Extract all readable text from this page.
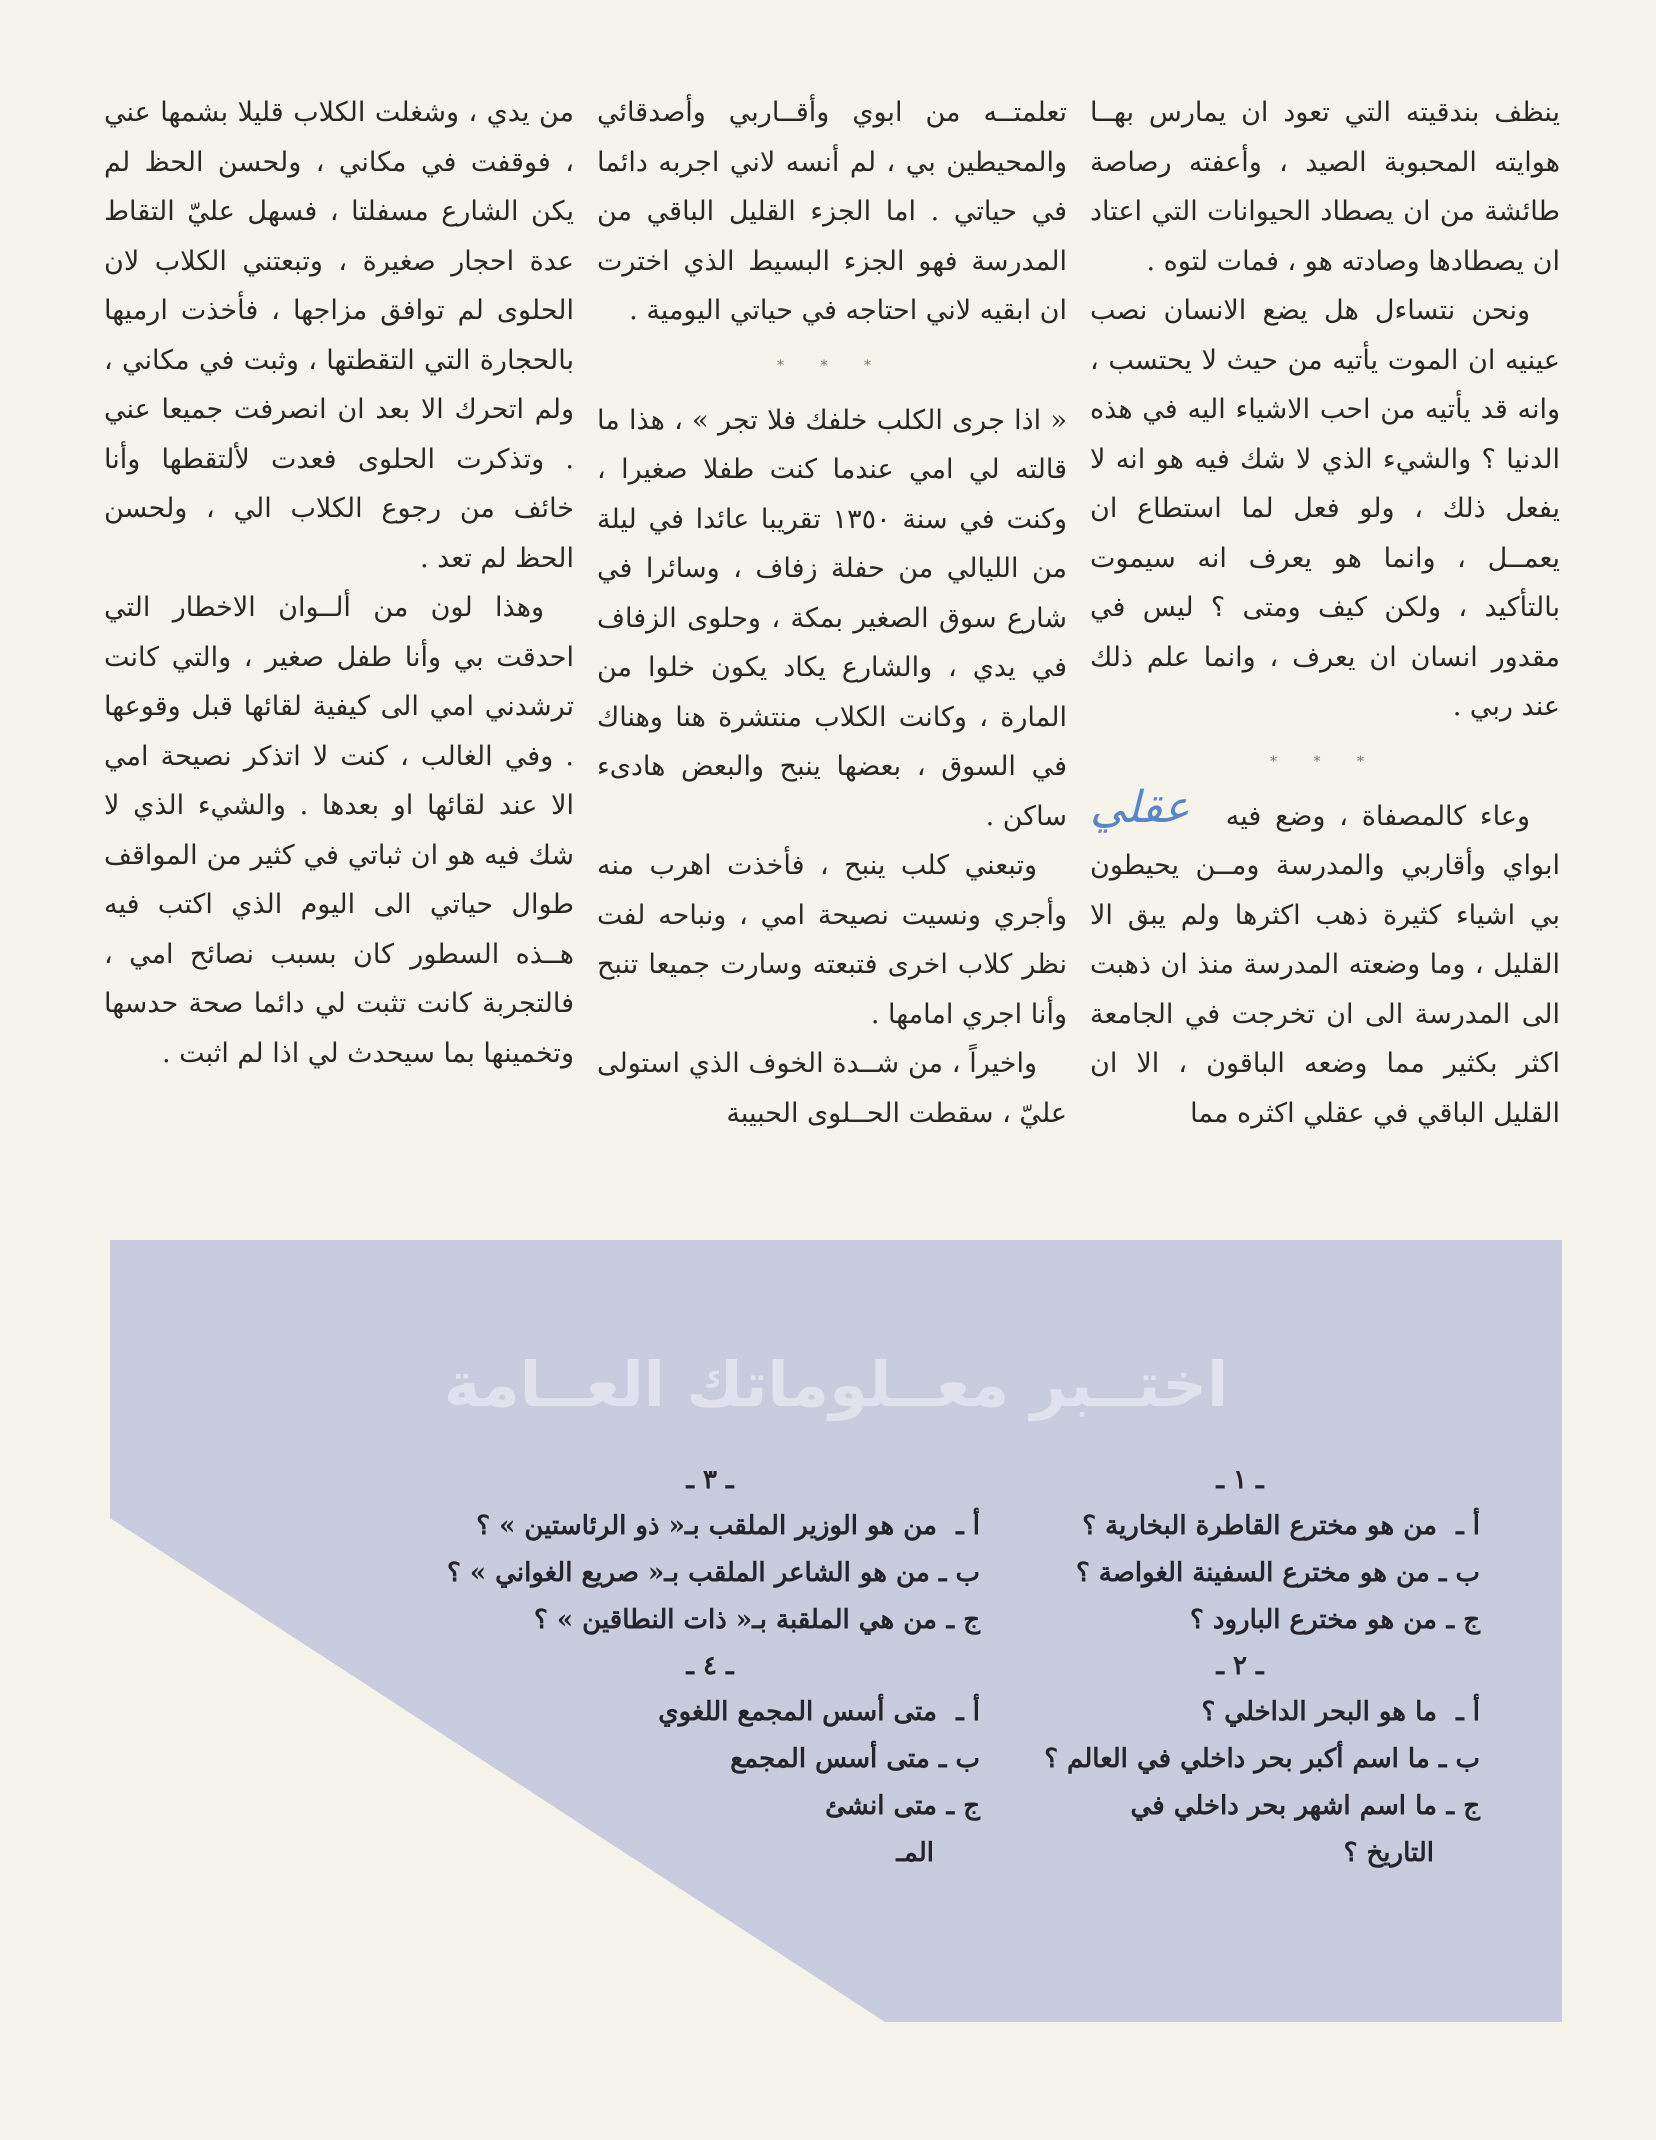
ينظف بندقيته التي تعود ان يمارس بهــا هوايته المحبوبة الصيد ، وأعفته رصاصة طائشة من ان يصطاد الحيوانات التي اعتاد ان يصطادها وصادته هو ، فمات لتوه .

ونحن نتساءل هل يضع الانسان نصب عينيه ان الموت يأتيه من حيث لا يحتسب ، وانه قد يأتيه من احب الاشياء اليه في هذه الدنيا ؟ والشيء الذي لا شك فيه هو انه لا يفعل ذلك ، ولو فعل لما استطاع ان يعمــل ، وانما هو يعرف انه سيموت بالتأكيد ، ولكن كيف ومتى ؟ ليس في مقدور انسان ان يعرف ، وانما علم ذلك عند ربي .

* * *

عقلي	وعاء كالمصفاة ، وضع فيه ابواي وأقاربي والمدرسة ومــن يحيطون بي اشياء كثيرة ذهب اكثرها ولم يبق الا القليل ، وما وضعته المدرسة منذ ان ذهبت الى المدرسة الى ان تخرجت في الجامعة اكثر بكثير مما وضعه الباقون ، الا ان القليل الباقي في عقلي اكثره مما

تعلمتــه من ابوي وأقــاربي وأصدقائي والمحيطين بي ، لم أنسه لاني اجربه دائما في حياتي . اما الجزء القليل الباقي من المدرسة فهو الجزء البسيط الذي اخترت ان ابقيه لاني احتاجه في حياتي اليومية .

* * *

« اذا جرى الكلب خلفك فلا تجر » ، هذا ما قالته لي امي عندما كنت طفلا صغيرا ، وكنت في سنة ١٣٥٠ تقريبا عائدا في ليلة من الليالي من حفلة زفاف ، وسائرا في شارع سوق الصغير بمكة ، وحلوى الزفاف في يدي ، والشارع يكاد يكون خلوا من المارة ، وكانت الكلاب منتشرة هنا وهناك في السوق ، بعضها ينبح والبعض هادىء ساكن .

وتبعني كلب ينبح ، فأخذت اهرب منه وأجري ونسيت نصيحة امي ، ونباحه لفت نظر كلاب اخرى فتبعته وسارت جميعا تنبح وأنا اجري امامها .

واخيراً ، من شــدة الخوف الذي استولى عليّ ، سقطت الحــلوى الحبيبة

من يدي ، وشغلت الكلاب قليلا بشمها عني ، فوقفت في مكاني ، ولحسن الحظ لم يكن الشارع مسفلتا ، فسهل عليّ التقاط عدة احجار صغيرة ، وتبعتني الكلاب لان الحلوى لم توافق مزاجها ، فأخذت ارميها بالحجارة التي التقطتها ، وثبت في مكاني ، ولم اتحرك الا بعد ان انصرفت جميعا عني . وتذكرت الحلوى فعدت لألتقطها وأنا خائف من رجوع الكلاب الي ، ولحسن الحظ لم تعد .

وهذا لون من ألــوان الاخطار التي احدقت بي وأنا طفل صغير ، والتي كانت ترشدني امي الى كيفية لقائها قبل وقوعها . وفي الغالب ، كنت لا اتذكر نصيحة امي الا عند لقائها او بعدها . والشيء الذي لا شك فيه هو ان ثباتي في كثير من المواقف طوال حياتي الى اليوم الذي اكتب فيه هــذه السطور كان بسبب نصائح امي ، فالتجربة كانت تثبت لي دائما صحة حدسها وتخمينها بما سيحدث لي اذا لم اثبت .

اختــبر معــلوماتك العــامة
ـ ١ ـ
أ ـ من هو مخترع القاطرة البخارية ؟
ب ـ من هو مخترع السفينة الغواصة ؟
ج ـ من هو مخترع البارود ؟
ـ ٢ ـ
أ ـ ما هو البحر الداخلي ؟
ب ـ ما اسم أكبر بحر داخلي في العالم ؟
ج ـ ما اسم اشهر بحر داخلي في
التاريخ ؟
ـ ٣ ـ
أ ـ من هو الوزير الملقب بـ« ذو الرئاستين » ؟
ب ـ من هو الشاعر الملقب بـ« صريع الغواني » ؟
ج ـ من هي الملقبة بـ« ذات النطاقين » ؟
ـ ٤ ـ
أ ـ متى أسس المجمع اللغوي
ب ـ متى أسس المجمع
ج ـ متى انشئ
المـ
